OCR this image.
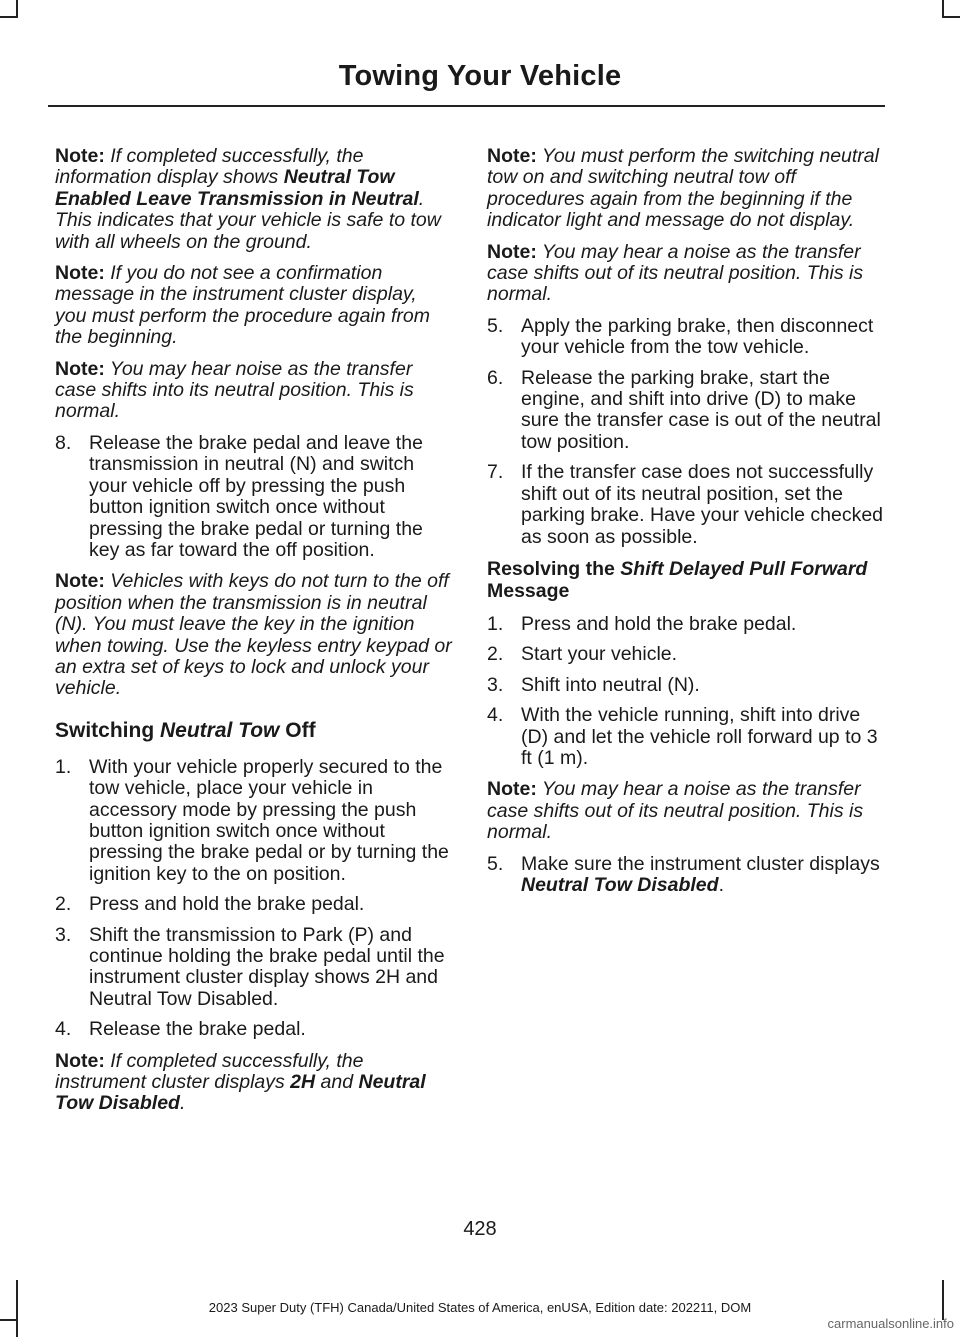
Towing Your Vehicle

Note: If completed successfully, the information display shows Neutral Tow Enabled Leave Transmission in Neutral. This indicates that your vehicle is safe to tow with all wheels on the ground.

Note: If you do not see a confirmation message in the instrument cluster display, you must perform the procedure again from the beginning.

Note: You may hear noise as the transfer case shifts into its neutral position. This is normal.

8. Release the brake pedal and leave the transmission in neutral (N) and switch your vehicle off by pressing the push button ignition switch once without pressing the brake pedal or turning the key as far toward the off position.

Note: Vehicles with keys do not turn to the off position when the transmission is in neutral (N). You must leave the key in the ignition when towing. Use the keyless entry keypad or an extra set of keys to lock and unlock your vehicle.

Switching Neutral Tow Off
1. With your vehicle properly secured to the tow vehicle, place your vehicle in accessory mode by pressing the push button ignition switch once without pressing the brake pedal or by turning the ignition key to the on position.
2. Press and hold the brake pedal.
3. Shift the transmission to Park (P) and continue holding the brake pedal until the instrument cluster display shows 2H and Neutral Tow Disabled.
4. Release the brake pedal.

Note: If completed successfully, the instrument cluster displays 2H and Neutral Tow Disabled.

Note: You must perform the switching neutral tow on and switching neutral tow off procedures again from the beginning if the indicator light and message do not display.

Note: You may hear a noise as the transfer case shifts out of its neutral position. This is normal.

5. Apply the parking brake, then disconnect your vehicle from the tow vehicle.
6. Release the parking brake, start the engine, and shift into drive (D) to make sure the transfer case is out of the neutral tow position.
7. If the transfer case does not successfully shift out of its neutral position, set the parking brake. Have your vehicle checked as soon as possible.
Resolving the Shift Delayed Pull Forward Message
1. Press and hold the brake pedal.
2. Start your vehicle.
3. Shift into neutral (N).
4. With the vehicle running, shift into drive (D) and let the vehicle roll forward up to 3 ft (1 m).

Note: You may hear a noise as the transfer case shifts out of its neutral position. This is normal.

5. Make sure the instrument cluster displays Neutral Tow Disabled.
428
2023 Super Duty (TFH) Canada/United States of America, enUSA, Edition date: 202211, DOM
carmanualsonline.info
